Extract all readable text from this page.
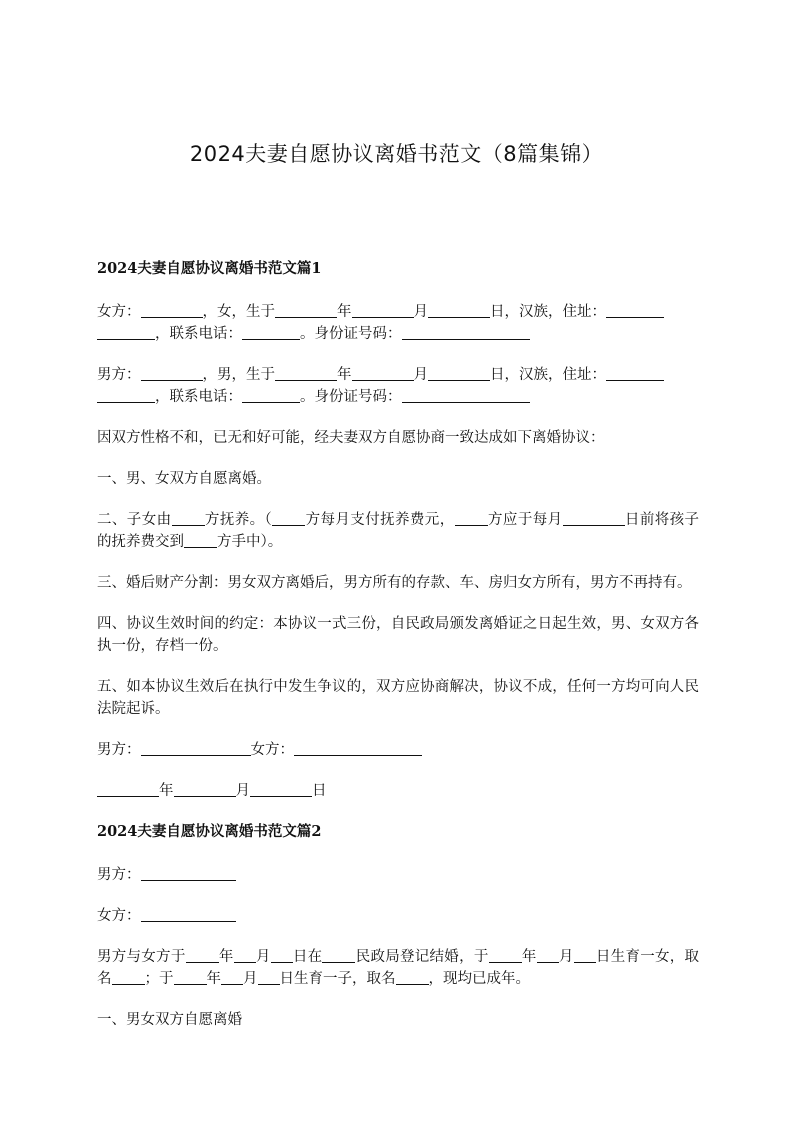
2024夫妻自愿协议离婚书范文（8篇集锦）

2024夫妻自愿协议离婚书范文篇1

女方：	，女，生于	年	月	日，汉族，住址：
，联系电话：	。身份证号码：

男方：	，男，生于	年	月	日，汉族，住址：
，联系电话：	。身份证号码：

因双方性格不和，已无和好可能，经夫妻双方自愿协商一致达成如下离婚协议：

一、男、女双方自愿离婚。

二、子女由 方抚养。（ 方每月支付抚养费元， 方应于每月	日前将孩子的抚养费交到 方手中）。

三、婚后财产分割：男女双方离婚后，男方所有的存款、车、房归女方所有，男方不再持有。

四、协议生效时间的约定：本协议一式三份，自民政局颁发离婚证之日起生效，男、女双方各执一份，存档一份。

五、如本协议生效后在执行中发生争议的，双方应协商解决，协议不成，任何一方均可向人民法院起诉。

男方：	女方：

年	月	日

2024夫妻自愿协议离婚书范文篇2

男方：

女方：

男方与女方于 年 月 日在 民政局登记结婚，于 年 月 日生育一女，取名 ；于 年 月 日生育一子，取名 ，现均已成年。

一、男女双方自愿离婚
